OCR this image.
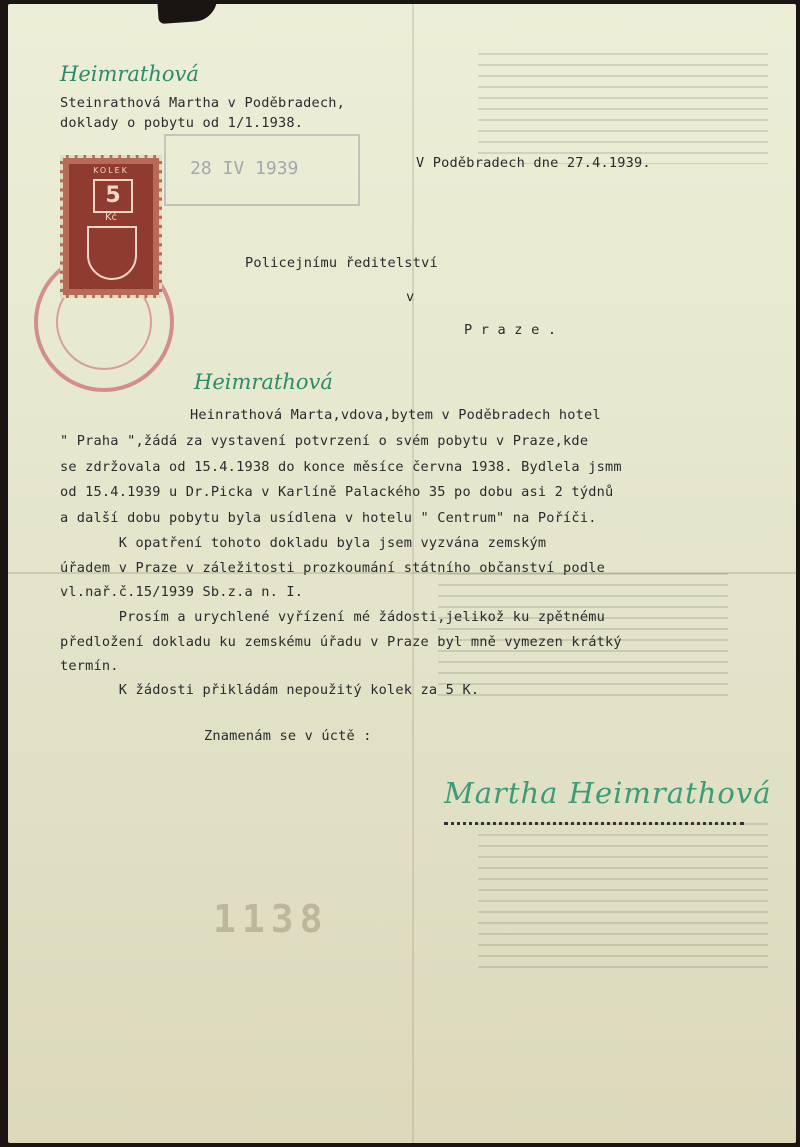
1138
28 IV 1939
KOLEK
5
Kč
Heimrathová

Steinrathová Martha v Poděbradech,

doklady o pobytu od 1/1.1938.

V Poděbradech dne 27.4.1939.

Policejnímu ředitelství

v

P r a z e .

Heimrathová

Heinrathová Marta,vdova,bytem v Poděbradech hotel

" Praha ",žádá za vystavení potvrzení o svém pobytu v Praze,kde

se zdržovala od 15.4.1938 do konce měsíce června 1938. Bydlela jsmm

od 15.4.1939 u Dr.Picka v Karlíně Palackého 35 po dobu asi 2 týdnů

a další dobu pobytu byla usídlena v hotelu " Centrum" na Poříči.

K opatření tohoto dokladu byla jsem vyzvána zemským

úřadem v Praze v záležitosti prozkoumání státního občanství podle

vl.nař.č.15/1939 Sb.z.a n. I.

Prosím a urychlené vyřízení mé žádosti,jelikož ku zpětnému

předložení dokladu ku zemskému úřadu v Praze byl mně vymezen krátký

termín.

K žádosti přikládám nepoužitý kolek za 5 K.

Znamenám se v úctě :

Martha Heimrathová
